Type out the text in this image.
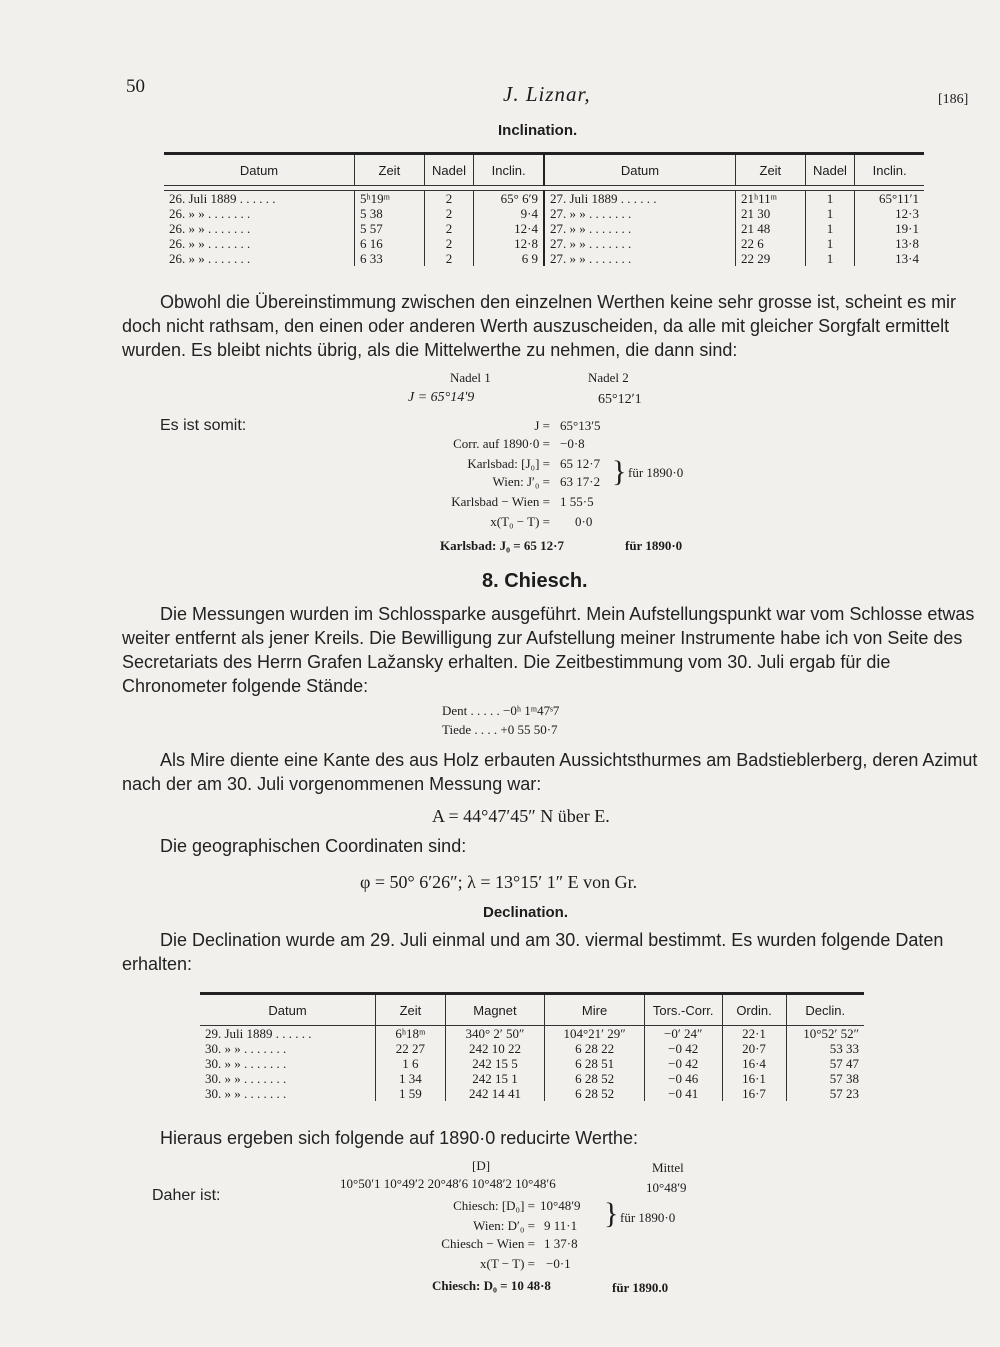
50	J. Liznar,	[186]
Inclination.
Datum	Zeit	Nadel	Inclin.	Datum	Zeit	Nadel	Inclin.

26. Juli 1889 . . . . . .	5ʰ19ᵐ	2	65° 6ʹ9	27. Juli 1889 . . . . . .	21ʰ11ᵐ	1	65°11ʹ1
26. » » . . . . . . .	5 38	2	9·4	27. » » . . . . . . .	21 30	1	12·3
26. » » . . . . . . .	5 57	2	12·4	27. » » . . . . . . .	21 48	1	19·1
26. » » . . . . . . .	6 16	2	12·8	27. » » . . . . . . .	22 6	1	13·8
26. » » . . . . . . .	6 33	2	6 9	27. » » . . . . . . .	22 29	1	13·4
Obwohl die Übereinstimmung zwischen den einzelnen Werthen keine sehr grosse ist, scheint es mir doch nicht rathsam, den einen oder anderen Werth auszuscheiden, da alle mit gleicher Sorgfalt ermittelt wurden. Es bleibt nichts übrig, als die Mittelwerthe zu nehmen, die dann sind:
Nadel 1	Nadel 2
J = 65°14ʹ9	65°12ʹ1
Es ist somit:	J = 65°13ʹ5
Corr. auf 1890·0 = −0·8
Karlsbad: [J₀] = 65 12·7
Wien: J′₀ = 63 17·2 } für 1890·0
Karlsbad − Wien = 1 55·5
x(T₀ − T) = 0·0
Karlsbad: J₀ = 65 12·7	für 1890·0
8. Chiesch.
Die Messungen wurden im Schlossparke ausgeführt. Mein Aufstellungspunkt war vom Schlosse etwas weiter entfernt als jener Kreils. Die Bewilligung zur Aufstellung meiner Instrumente habe ich von Seite des Secretariats des Herrn Grafen Lažansky erhalten. Die Zeitbestimmung vom 30. Juli ergab für die Chronometer folgende Stände:
Dent . . . . . −0ʰ 1ᵐ47ˢ7
Tiede . . . . +0 55 50·7
Als Mire diente eine Kante des aus Holz erbauten Aussichtsthurmes am Badstieblerberg, deren Azimut nach der am 30. Juli vorgenommenen Messung war:
A = 44°47′45″ N über E.
Die geographischen Coordinaten sind:
φ = 50° 6′26″; λ = 13°15′ 1″ E von Gr.
Declination.
Die Declination wurde am 29. Juli einmal und am 30. viermal bestimmt. Es wurden folgende Daten erhalten:
Datum	Zeit	Magnet	Mire	Tors.-Corr.	Ordin.	Declin.
29. Juli 1889 . . . . . .	6ʰ18ᵐ	340° 2′ 50″	104°21′ 29″	−0′ 24″	22·1	10°52′ 52″
30. » » . . . . . . .	22 27	242 10 22	6 28 22	−0 42	20·7	53 33
30. » » . . . . . . .	1 6	242 15 5	6 28 51	−0 42	16·4	57 47
30. » » . . . . . . .	1 34	242 15 1	6 28 52	−0 46	16·1	57 38
30. » » . . . . . . .	1 59	242 14 41	6 28 52	−0 41	16·7	57 23
Hieraus ergeben sich folgende auf 1890·0 reducirte Werthe:
[D]	Mittel
10°50ʹ1 10°49ʹ2 20°48ʹ6 10°48ʹ2 10°48ʹ6	10°48ʹ9
Daher ist:
Chiesch: [D₀] = 10°48ʹ9
Wien: D′₀ = 9 11·1 } für 1890·0
Chiesch − Wien = 1 37·8
x(T − T) = −0·1
Chiesch: D₀ = 10 48·8	für 1890.0
